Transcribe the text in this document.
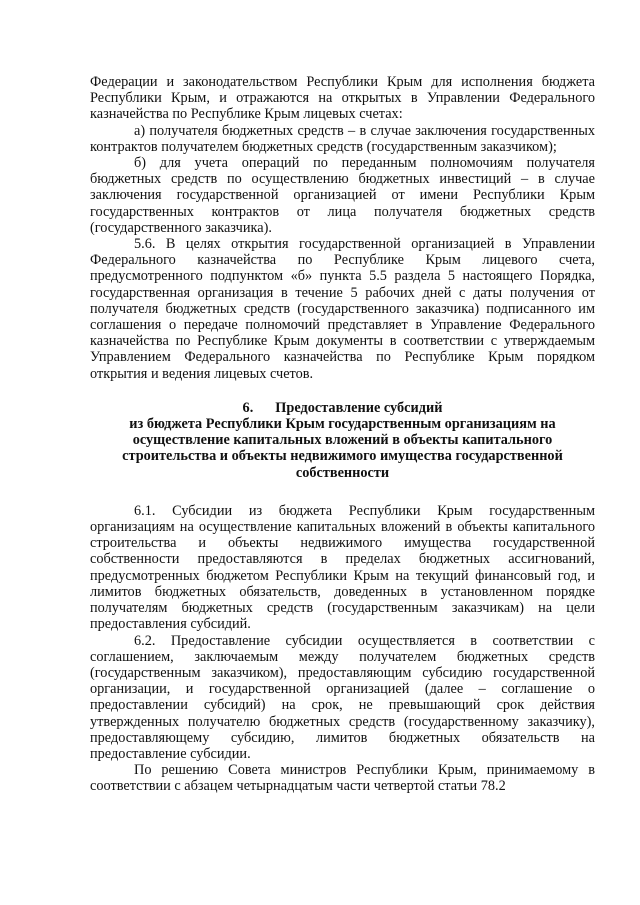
Федерации и законодательством Республики Крым для исполнения бюджета Республики Крым, и отражаются на открытых в Управлении Федерального казначейства по Республике Крым лицевых счетах:

а) получателя бюджетных средств – в случае заключения государственных контрактов получателем бюджетных средств (государственным заказчиком);

б) для учета операций по переданным полномочиям получателя бюджетных средств по осуществлению бюджетных инвестиций – в случае заключения государственной организацией от имени Республики Крым государственных контрактов от лица получателя бюджетных средств (государственного заказчика).

5.6. В целях открытия государственной организацией в Управлении Федерального казначейства по Республике Крым лицевого счета, предусмотренного подпунктом «б» пункта 5.5 раздела 5 настоящего Порядка, государственная организация в течение 5 рабочих дней с даты получения от получателя бюджетных средств (государственного заказчика) подписанного им соглашения о передаче полномочий представляет в Управление Федерального казначейства по Республике Крым документы в соответствии с утверждаемым Управлением Федерального казначейства по Республике Крым порядком открытия и ведения лицевых счетов.

6. Предоставление субсидий
из бюджета Республики Крым государственным организациям на осуществление капитальных вложений в объекты капитального строительства и объекты недвижимого имущества государственной собственности

6.1. Субсидии из бюджета Республики Крым государственным организациям на осуществление капитальных вложений в объекты капитального строительства и объекты недвижимого имущества государственной собственности предоставляются в пределах бюджетных ассигнований, предусмотренных бюджетом Республики Крым на текущий финансовый год, и лимитов бюджетных обязательств, доведенных в установленном порядке получателям бюджетных средств (государственным заказчикам) на цели предоставления субсидий.

6.2. Предоставление субсидии осуществляется в соответствии с соглашением, заключаемым между получателем бюджетных средств (государственным заказчиком), предоставляющим субсидию государственной организации, и государственной организацией (далее – соглашение о предоставлении субсидий) на срок, не превышающий срок действия утвержденных получателю бюджетных средств (государственному заказчику), предоставляющему субсидию, лимитов бюджетных обязательств на предоставление субсидии.

По решению Совета министров Республики Крым, принимаемому в соответствии с абзацем четырнадцатым части четвертой статьи 78.2
